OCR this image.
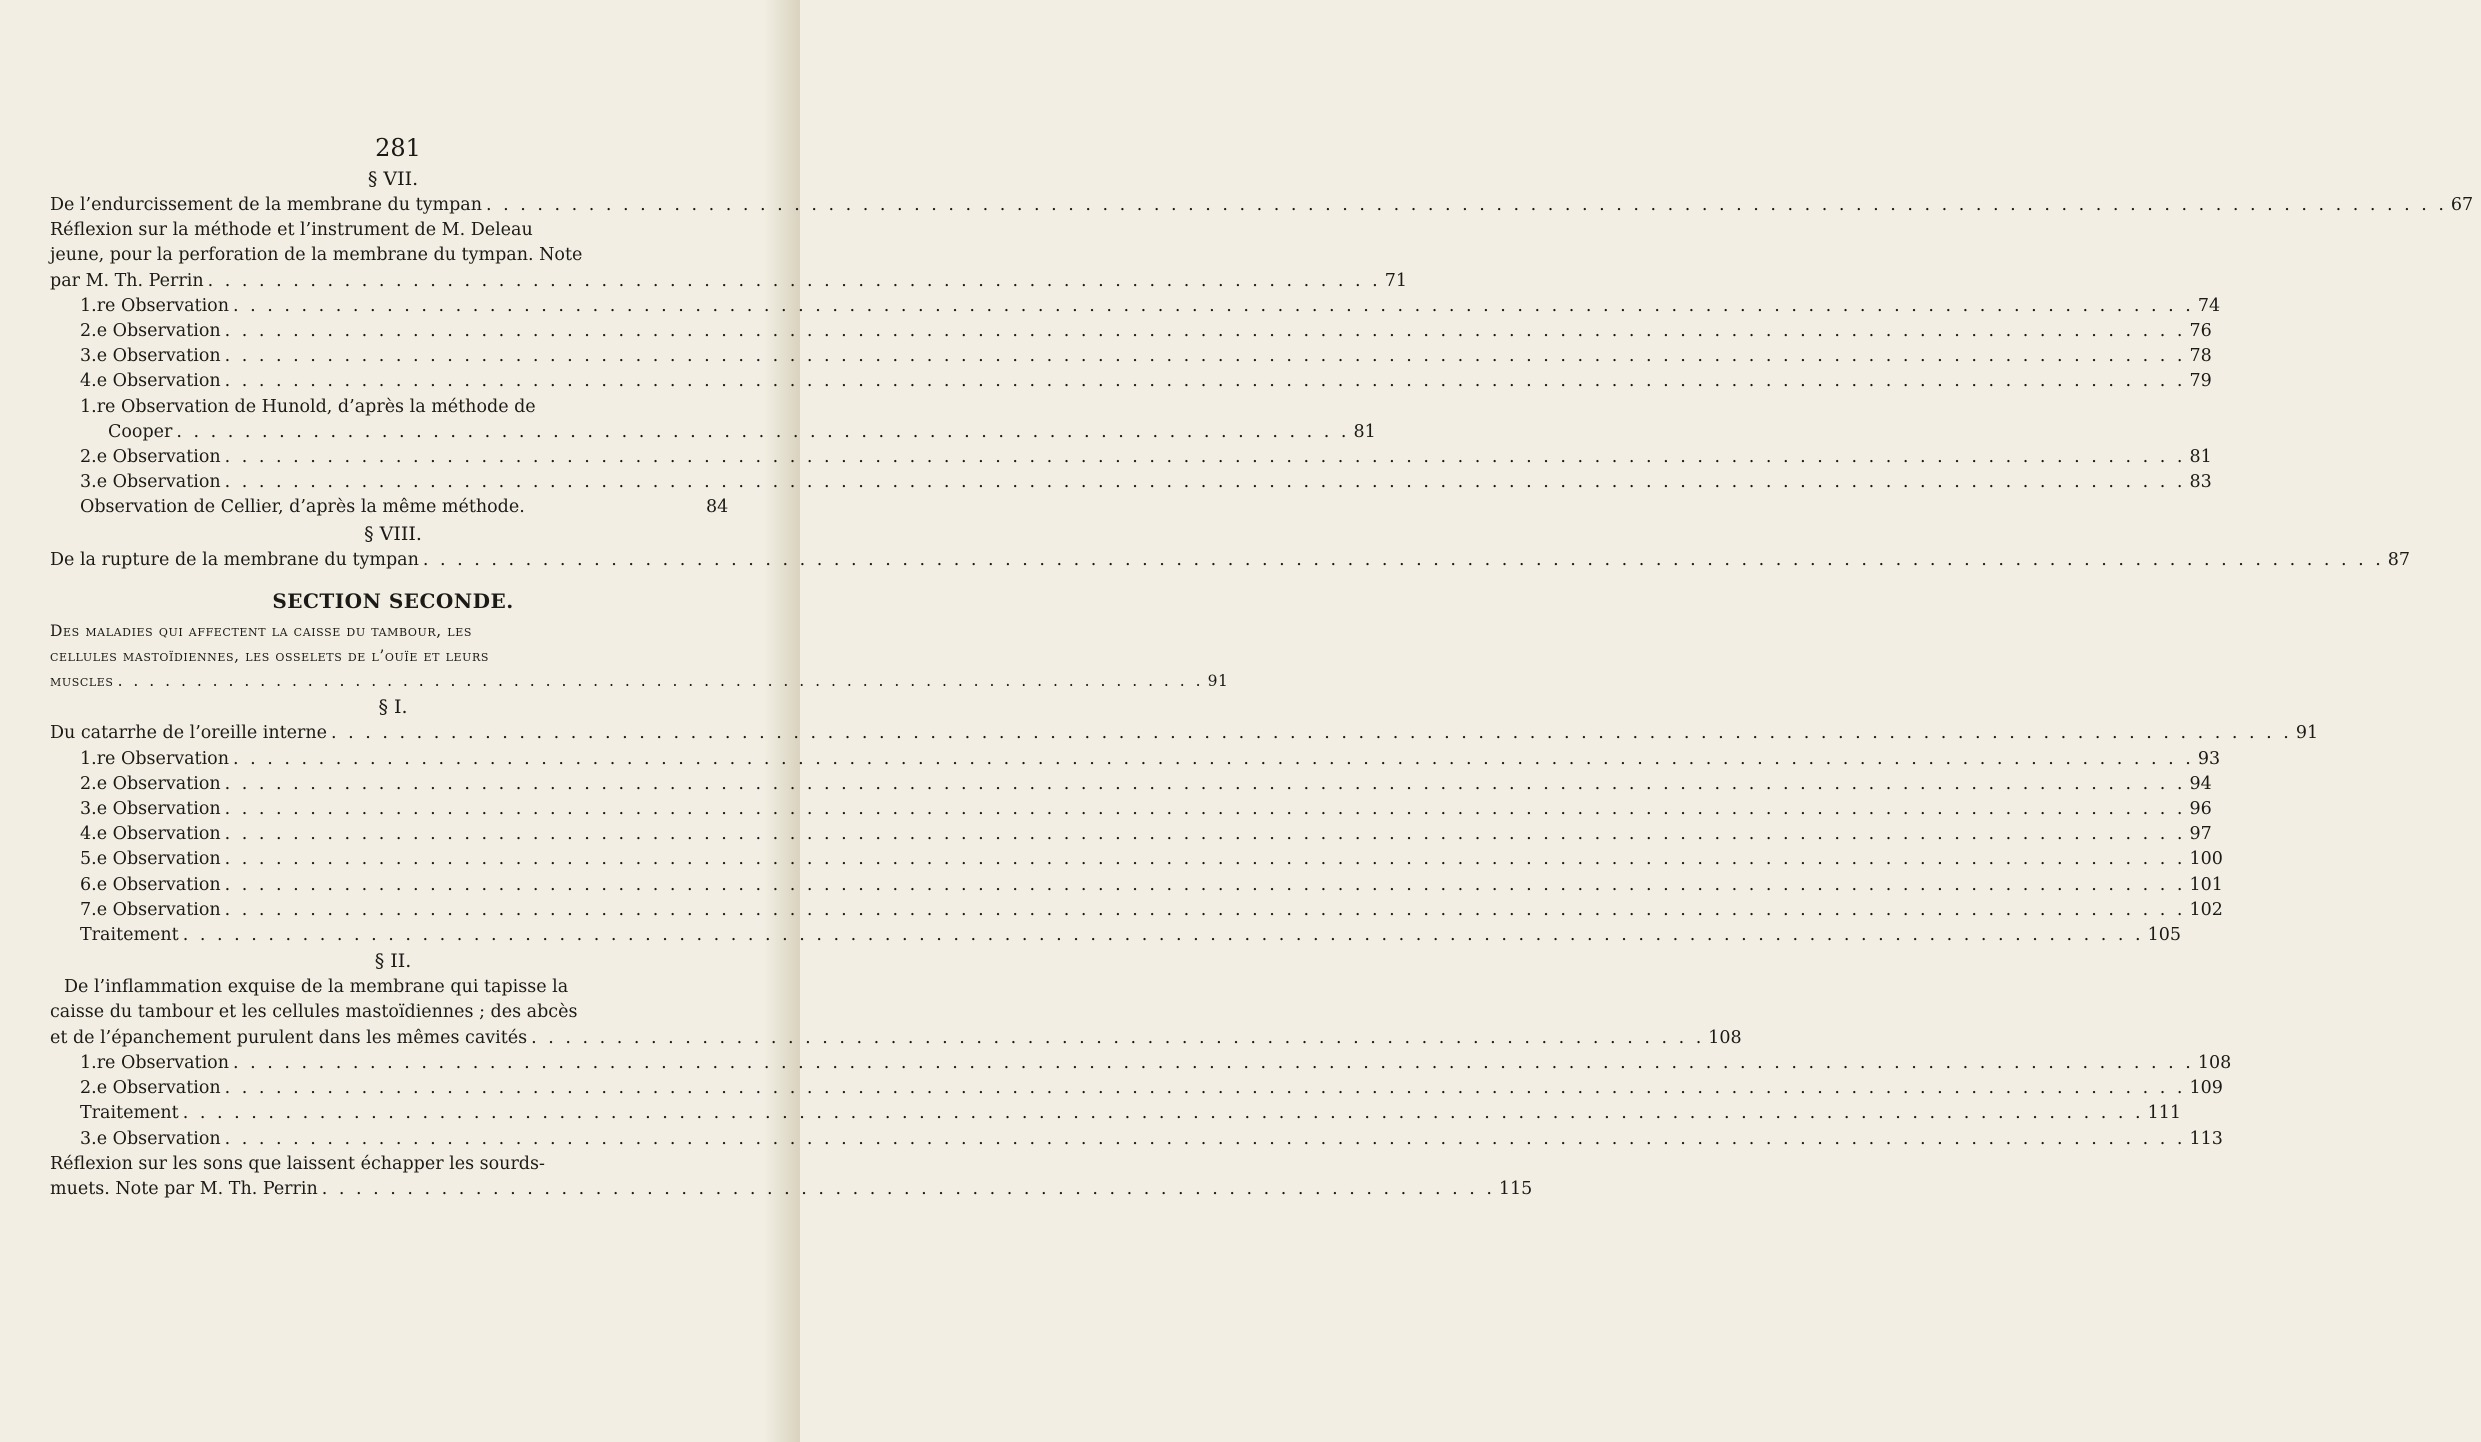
281
§ VII.
De l’endurcissement de la membrane du tympan . . .	67
Réflexion sur la méthode et l’instrument de M. Deleau
jeune, pour la perforation de la membrane du tympan. Note
par M. Th. Perrin . . .	71
1.re Observation . . .	74
2.e Observation . . .	76
3.e Observation . . .	78
4.e Observation . . .	79
1.re Observation de Hunold, d’après la méthode de
Cooper . . .	81
2.e Observation . . .	81
3.e Observation . . .	83
Observation de Cellier, d’après la même méthode.	84
§ VIII.
De la rupture de la membrane du tympan . . .	87
SECTION SECONDE.
Des maladies qui affectent la caisse du tambour, les
cellules mastoïdiennes, les osselets de l’ouïe et leurs
muscles . . .	91
§ I.
Du catarrhe de l’oreille interne . . .	91
1.re Observation . . .	93
2.e Observation . . .	94
3.e Observation . . .	96
4.e Observation . . .	97
5.e Observation . . .	100
6.e Observation . . .	101
7.e Observation . . .	102
Traitement . . .	105
§ II.
De l’inflammation exquise de la membrane qui tapisse la
caisse du tambour et les cellules mastoïdiennes ; des abcès
et de l’épanchement purulent dans les mêmes cavités . . .	108
1.re Observation . . .	108
2.e Observation . . .	109
Traitement . . .	111
3.e Observation . . .	113
Réflexion sur les sons que laissent échapper les sourds-
muets. Note par M. Th. Perrin . . .	115
